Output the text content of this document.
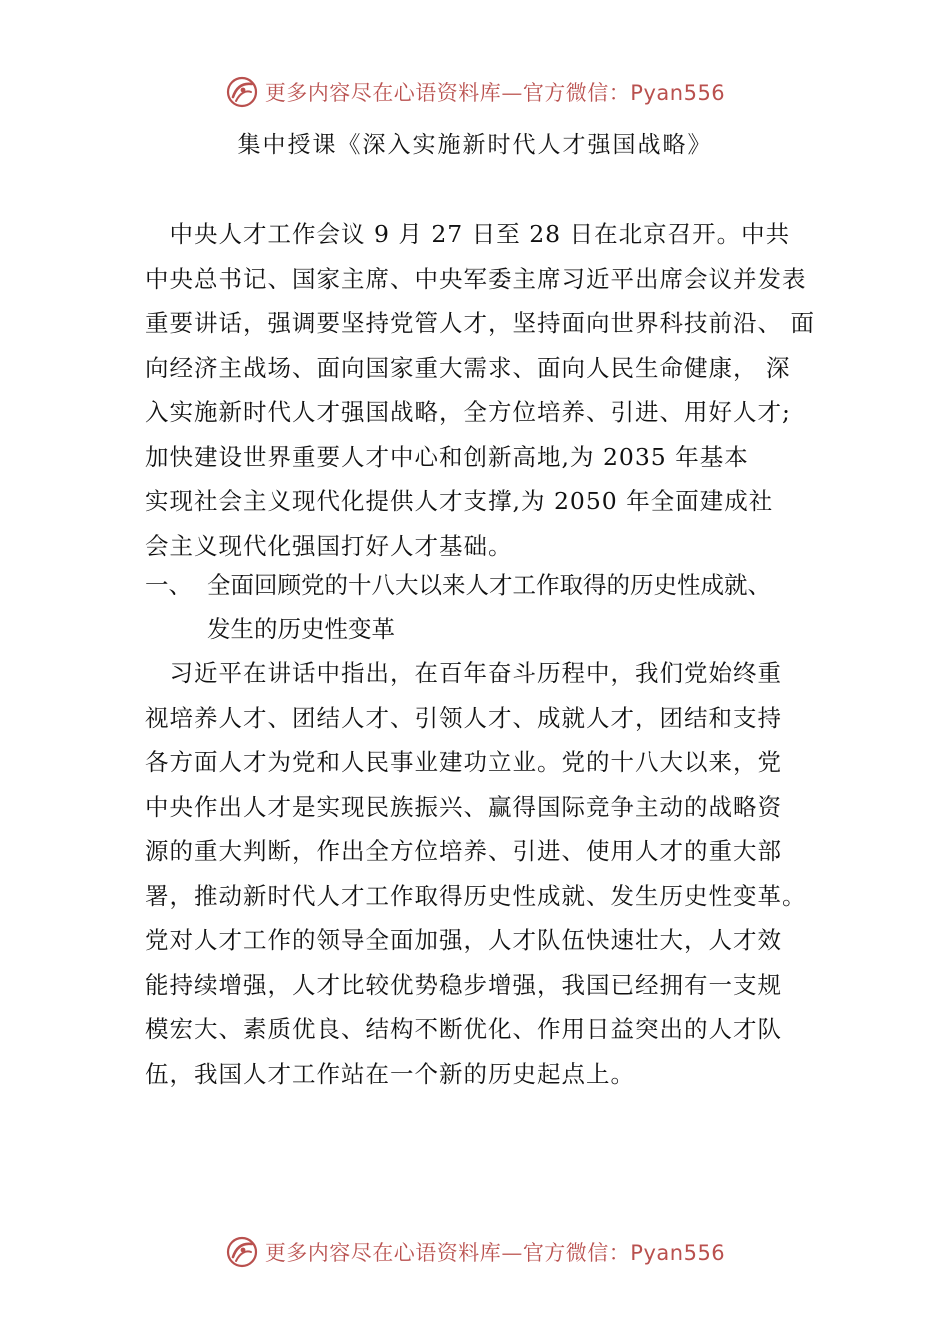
更多内容尽在心语资料库—官方微信：Pyan556
集中授课《深入实施新时代人才强国战略》
　中央人才工作会议 9 月 27 日至 28 日在北京召开。中共
中央总书记、国家主席、中央军委主席习近平出席会议并发表
重要讲话，强调要坚持党管人才，坚持面向世界科技前沿、 面
向经济主战场、面向国家重大需求、面向人民生命健康， 深
入实施新时代人才强国战略，全方位培养、引进、用好人才;
加快建设世界重要人才中心和创新高地,为 2035 年基本
实现社会主义现代化提供人才支撑,为 2050 年全面建成社
会主义现代化强国打好人才基础。
一、 全面回顾党的十八大以来人才工作取得的历史性成就、
发生的历史性变革
　习近平在讲话中指出，在百年奋斗历程中，我们党始终重
视培养人才、团结人才、引领人才、成就人才，团结和支持
各方面人才为党和人民事业建功立业。党的十八大以来，党
中央作出人才是实现民族振兴、赢得国际竞争主动的战略资
源的重大判断，作出全方位培养、引进、使用人才的重大部
署，推动新时代人才工作取得历史性成就、发生历史性变革。
党对人才工作的领导全面加强，人才队伍快速壮大，人才效
能持续增强，人才比较优势稳步增强，我国已经拥有一支规
模宏大、素质优良、结构不断优化、作用日益突出的人才队
伍，我国人才工作站在一个新的历史起点上。
更多内容尽在心语资料库—官方微信：Pyan556
